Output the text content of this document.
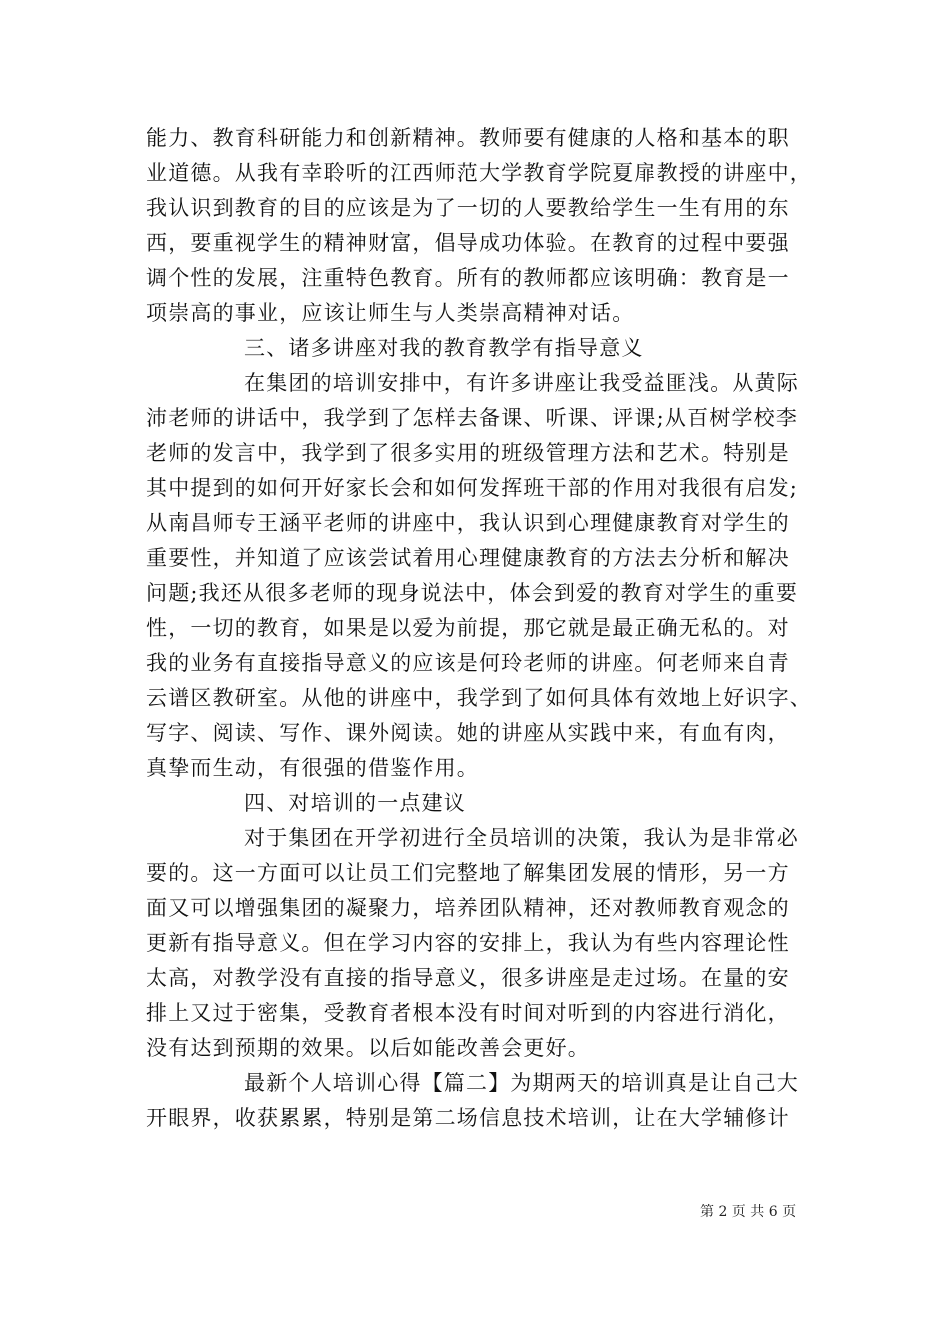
能力、教育科研能力和创新精神。教师要有健康的人格和基本的职
业道德。从我有幸聆听的江西师范大学教育学院夏扉教授的讲座中，
我认识到教育的目的应该是为了一切的人要教给学生一生有用的东
西，要重视学生的精神财富，倡导成功体验。在教育的过程中要强
调个性的发展，注重特色教育。所有的教师都应该明确：教育是一
项崇高的事业，应该让师生与人类崇高精神对话。
三、诸多讲座对我的教育教学有指导意义
在集团的培训安排中，有许多讲座让我受益匪浅。从黄际
沛老师的讲话中，我学到了怎样去备课、听课、评课;从百树学校李
老师的发言中，我学到了很多实用的班级管理方法和艺术。特别是
其中提到的如何开好家长会和如何发挥班干部的作用对我很有启发;
从南昌师专王涵平老师的讲座中，我认识到心理健康教育对学生的
重要性，并知道了应该尝试着用心理健康教育的方法去分析和解决
问题;我还从很多老师的现身说法中，体会到爱的教育对学生的重要
性，一切的教育，如果是以爱为前提，那它就是最正确无私的。对
我的业务有直接指导意义的应该是何玲老师的讲座。何老师来自青
云谱区教研室。从他的讲座中，我学到了如何具体有效地上好识字、
写字、阅读、写作、课外阅读。她的讲座从实践中来，有血有肉，
真挚而生动，有很强的借鉴作用。
四、对培训的一点建议
对于集团在开学初进行全员培训的决策，我认为是非常必
要的。这一方面可以让员工们完整地了解集团发展的情形，另一方
面又可以增强集团的凝聚力，培养团队精神，还对教师教育观念的
更新有指导意义。但在学习内容的安排上，我认为有些内容理论性
太高，对教学没有直接的指导意义，很多讲座是走过场。在量的安
排上又过于密集，受教育者根本没有时间对听到的内容进行消化，
没有达到预期的效果。以后如能改善会更好。
最新个人培训心得【篇二】为期两天的培训真是让自己大
开眼界，收获累累，特别是第二场信息技术培训，让在大学辅修计
第 2 页 共 6 页
